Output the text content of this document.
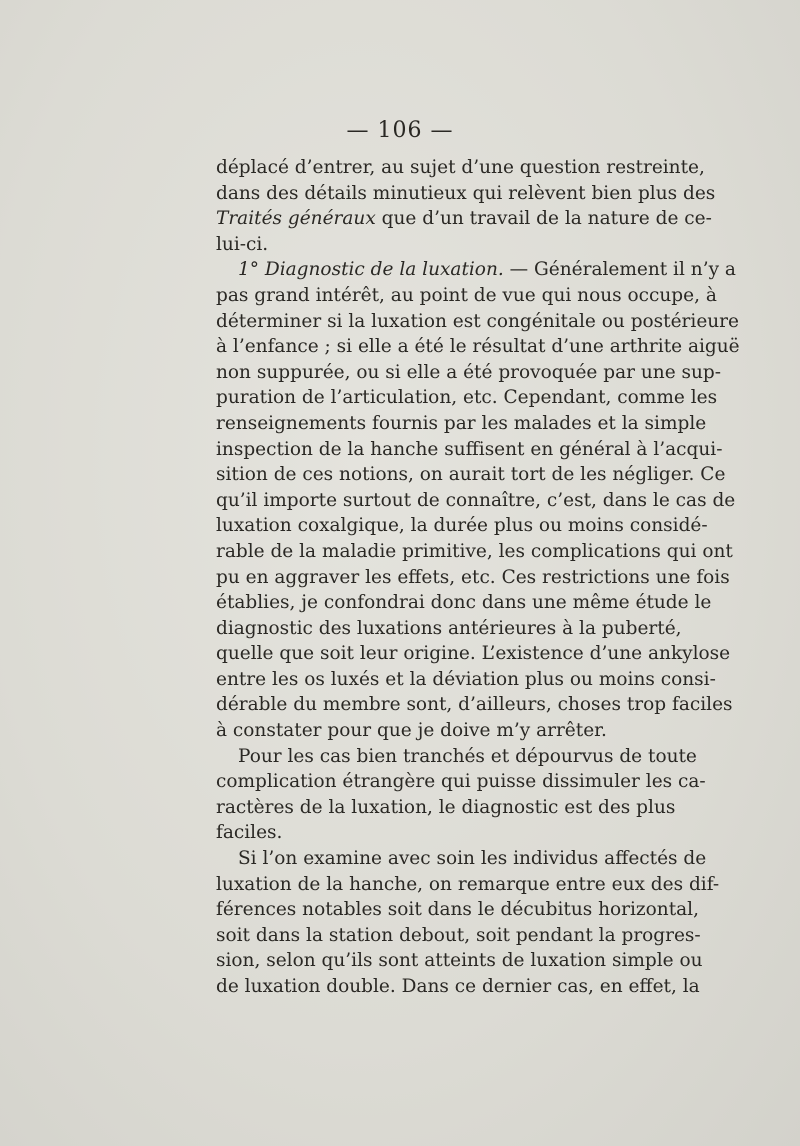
— 106 —
déplacé d’entrer, au sujet d’une question restreinte,
dans des détails minutieux qui relèvent bien plus des
Traités généraux que d’un travail de la nature de ce-
lui-ci.
1° Diagnostic de la luxation. — Généralement il n’y a
pas grand intérêt, au point de vue qui nous occupe, à
déterminer si la luxation est congénitale ou postérieure
à l’enfance ; si elle a été le résultat d’une arthrite aiguë
non suppurée, ou si elle a été provoquée par une sup-
puration de l’articulation, etc. Cependant, comme les
renseignements fournis par les malades et la simple
inspection de la hanche suffisent en général à l’acqui-
sition de ces notions, on aurait tort de les négliger. Ce
qu’il importe surtout de connaître, c’est, dans le cas de
luxation coxalgique, la durée plus ou moins considé-
rable de la maladie primitive, les complications qui ont
pu en aggraver les effets, etc. Ces restrictions une fois
établies, je confondrai donc dans une même étude le
diagnostic des luxations antérieures à la puberté,
quelle que soit leur origine. L’existence d’une ankylose
entre les os luxés et la déviation plus ou moins consi-
dérable du membre sont, d’ailleurs, choses trop faciles
à constater pour que je doive m’y arrêter.
Pour les cas bien tranchés et dépourvus de toute
complication étrangère qui puisse dissimuler les ca-
ractères de la luxation, le diagnostic est des plus
faciles.
Si l’on examine avec soin les individus affectés de
luxation de la hanche, on remarque entre eux des dif-
férences notables soit dans le décubitus horizontal,
soit dans la station debout, soit pendant la progres-
sion, selon qu’ils sont atteints de luxation simple ou
de luxation double. Dans ce dernier cas, en effet, la
